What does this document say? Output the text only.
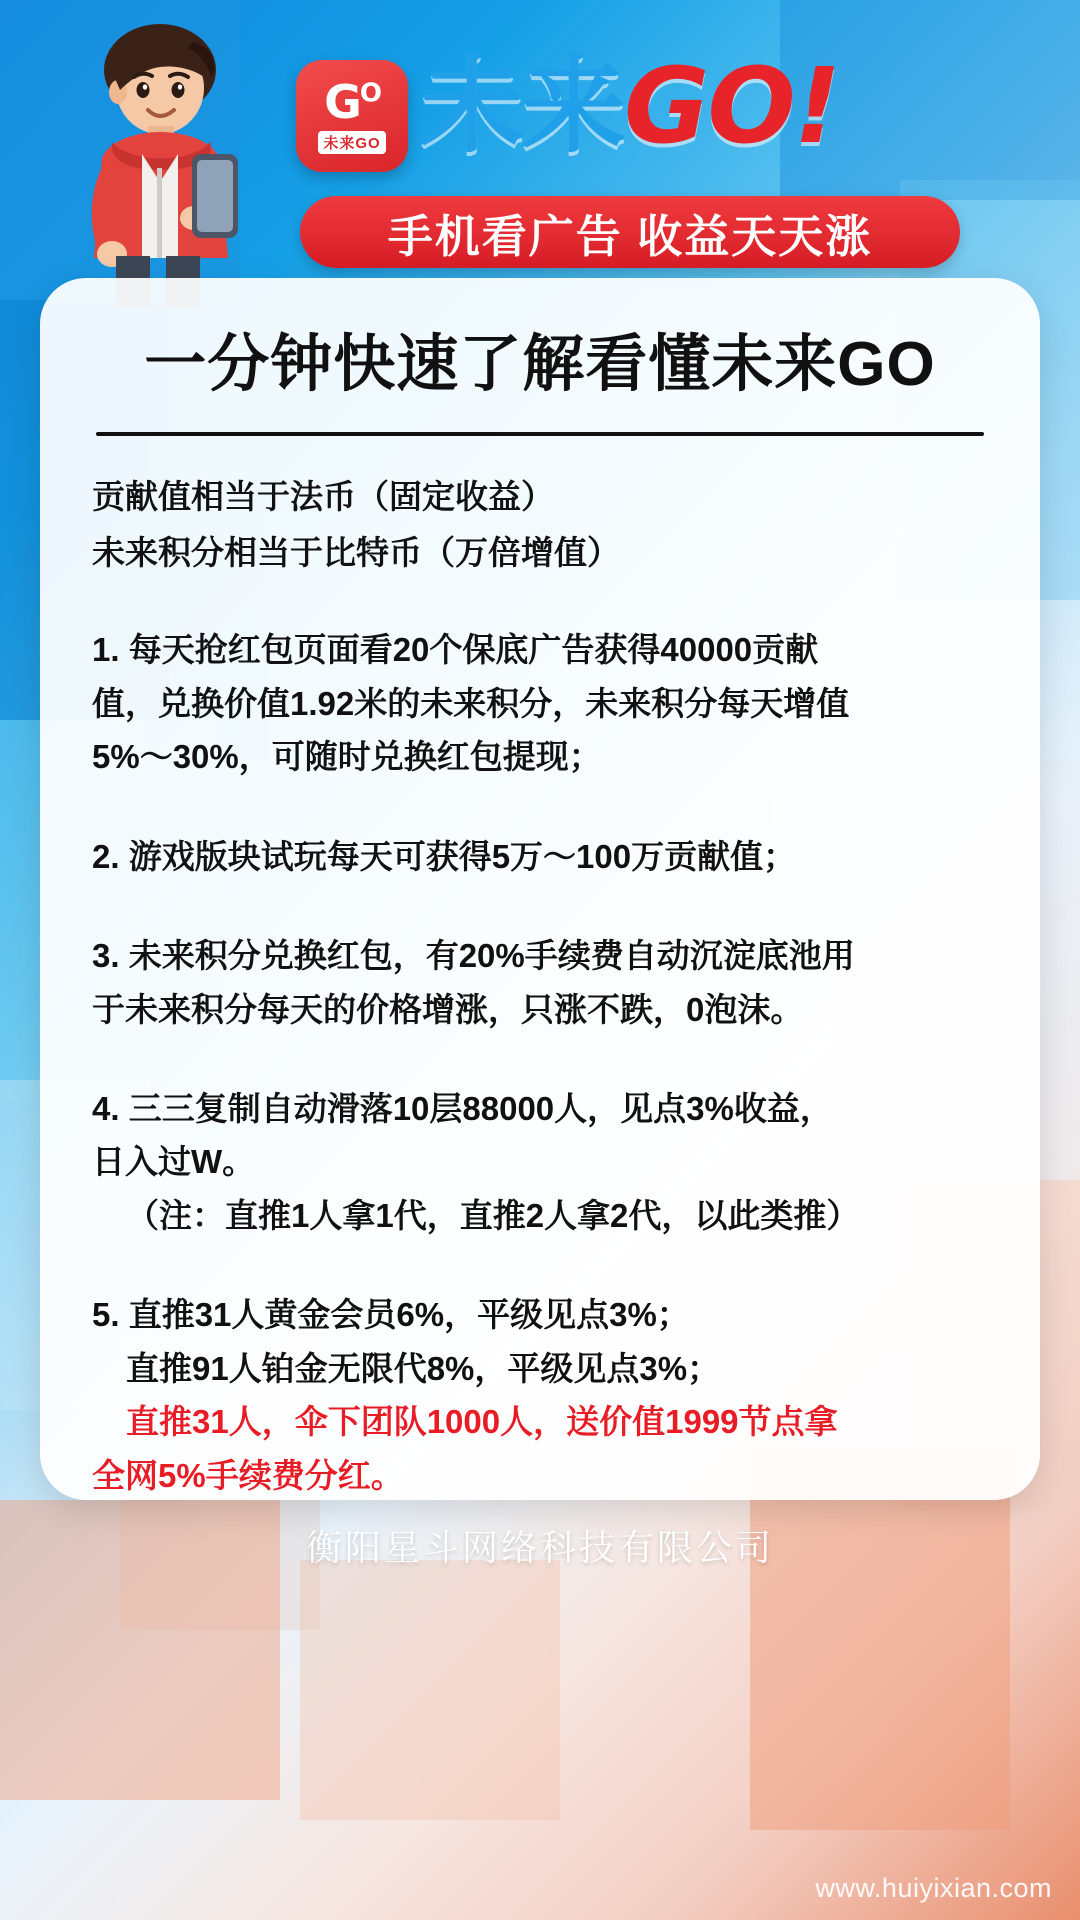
$G^O$
未来GO 未来GO!
手机看广告 收益天天涨
一分钟快速了解看懂未来GO

贡献值相当于法币（固定收益）

未来积分相当于比特币（万倍增值）

1. 每天抢红包页面看20个保底广告获得40000贡献

值，兑换价值1.92米的未来积分，未来积分每天增值

5%～30%，可随时兑换红包提现；

2. 游戏版块试玩每天可获得5万～100万贡献值；

3. 未来积分兑换红包，有20%手续费自动沉淀底池用

于未来积分每天的价格增涨，只涨不跌，0泡沫。

4. 三三复制自动滑落10层88000人，见点3%收益，

日入过W。

（注：直推1人拿1代，直推2人拿2代，以此类推）

5. 直推31人黄金会员6%，平级见点3%；

直推91人铂金无限代8%，平级见点3%；

直推31人，伞下团队1000人，送价值1999节点拿

全网5%手续费分红。

衡阳星斗网络科技有限公司
www.huiyixian.com
